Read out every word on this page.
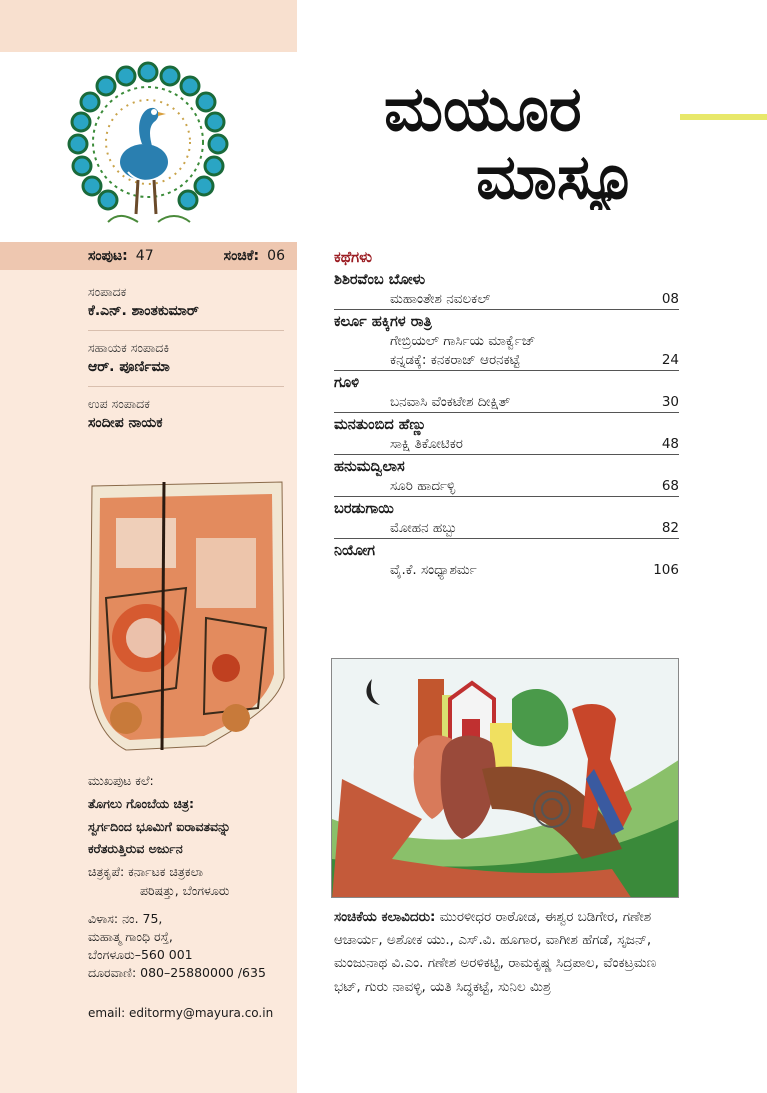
ಸಂಪುಟ: 47	ಸಂಚಿಕೆ: 06
ಸಂಪಾದಕ
ಕೆ.ಎನ್. ಶಾಂತಕುಮಾರ್
ಸಹಾಯಕ ಸಂಪಾದಕಿ
ಆರ್. ಪೂರ್ಣಿಮಾ
ಉಪ ಸಂಪಾದಕ
ಸಂದೀಪ ನಾಯಕ
ಮುಖಪುಟ ಕಲೆ:
ತೊಗಲು ಗೊಂಬೆಯ ಚಿತ್ರ:
ಸ್ವರ್ಗದಿಂದ ಭೂಮಿಗೆ ಐರಾವತವನ್ನು
ಕರೆತರುತ್ತಿರುವ ಅರ್ಜುನ
ಚಿತ್ರಕೃಪೆ: ಕರ್ನಾಟಕ ಚಿತ್ರಕಲಾ
ಪರಿಷತ್ತು, ಬೆಂಗಳೂರು
ವಿಳಾಸ: ನಂ. 75,
ಮಹಾತ್ಮ ಗಾಂಧಿ ರಸ್ತೆ,
ಬೆಂಗಳೂರು–560 001
ದೂರವಾಣಿ: 080–25880000 /635
email: editormy@mayura.co.in
ಮಯೂರ
ಮಾಸ್ಯೂ
ಕಥೆಗಳು
ಶಿಶಿರವೆಂಬ ಬೋಳು
ಮಹಾಂತೇಶ ನವಲಕಲ್	08
ಕರ್ಲೂ ಹಕ್ಕಿಗಳ ರಾತ್ರಿ
ಗೇಬ್ರಿಯಲ್ ಗಾರ್ಸಿಯ ಮಾರ್ಕ್ವೆಜ್
ಕನ್ನಡಕ್ಕೆ: ಕನಕರಾಜ್ ಆರನಕಟ್ಟೆ	24
ಗೂಳಿ
ಬನವಾಸಿ ವೆಂಕಟೇಶ ದೀಕ್ಷಿತ್	30
ಮನತುಂಬಿದ ಹೆಣ್ಣು
ಸಾಕ್ಷಿ ತಿಕೋಟಿಕರ	48
ಹನುಮದ್ವಿಲಾಸ
ಸೂರಿ ಹಾರ್ದಳ್ಳಿ	68
ಬರಡುಗಾಯಿ
ಮೋಹನ ಹಬ್ಬು	82
ನಿಯೋಗ
ವೈ.ಕೆ. ಸಂಧ್ಯಾಶರ್ಮ	106
ಸಂಚಿಕೆಯ ಕಲಾವಿದರು: ಮುರಳೀಧರ ರಾಠೋಡ, ಈಶ್ವರ ಬಡಿಗೇರ, ಗಣೇಶ ಆಚಾರ್ಯ, ಅಶೋಕ ಯು., ಎಸ್.ವಿ. ಹೂಗಾರ, ವಾಗೀಶ ಹೆಗಡೆ, ಸೃಜನ್, ಮಂಜುನಾಥ ವಿ.ಎಂ. ಗಣೇಶ ಅರಳಿಕಟ್ಟಿ, ರಾಮಕೃಷ್ಣ ಸಿದ್ರಪಾಲ, ವೆಂಕಟ್ರಮಣ ಭಟ್, ಗುರು ನಾವಳ್ಳಿ, ಯತಿ ಸಿದ್ಧಕಟ್ಟೆ, ಸುನಿಲ ಮಿಶ್ರ
